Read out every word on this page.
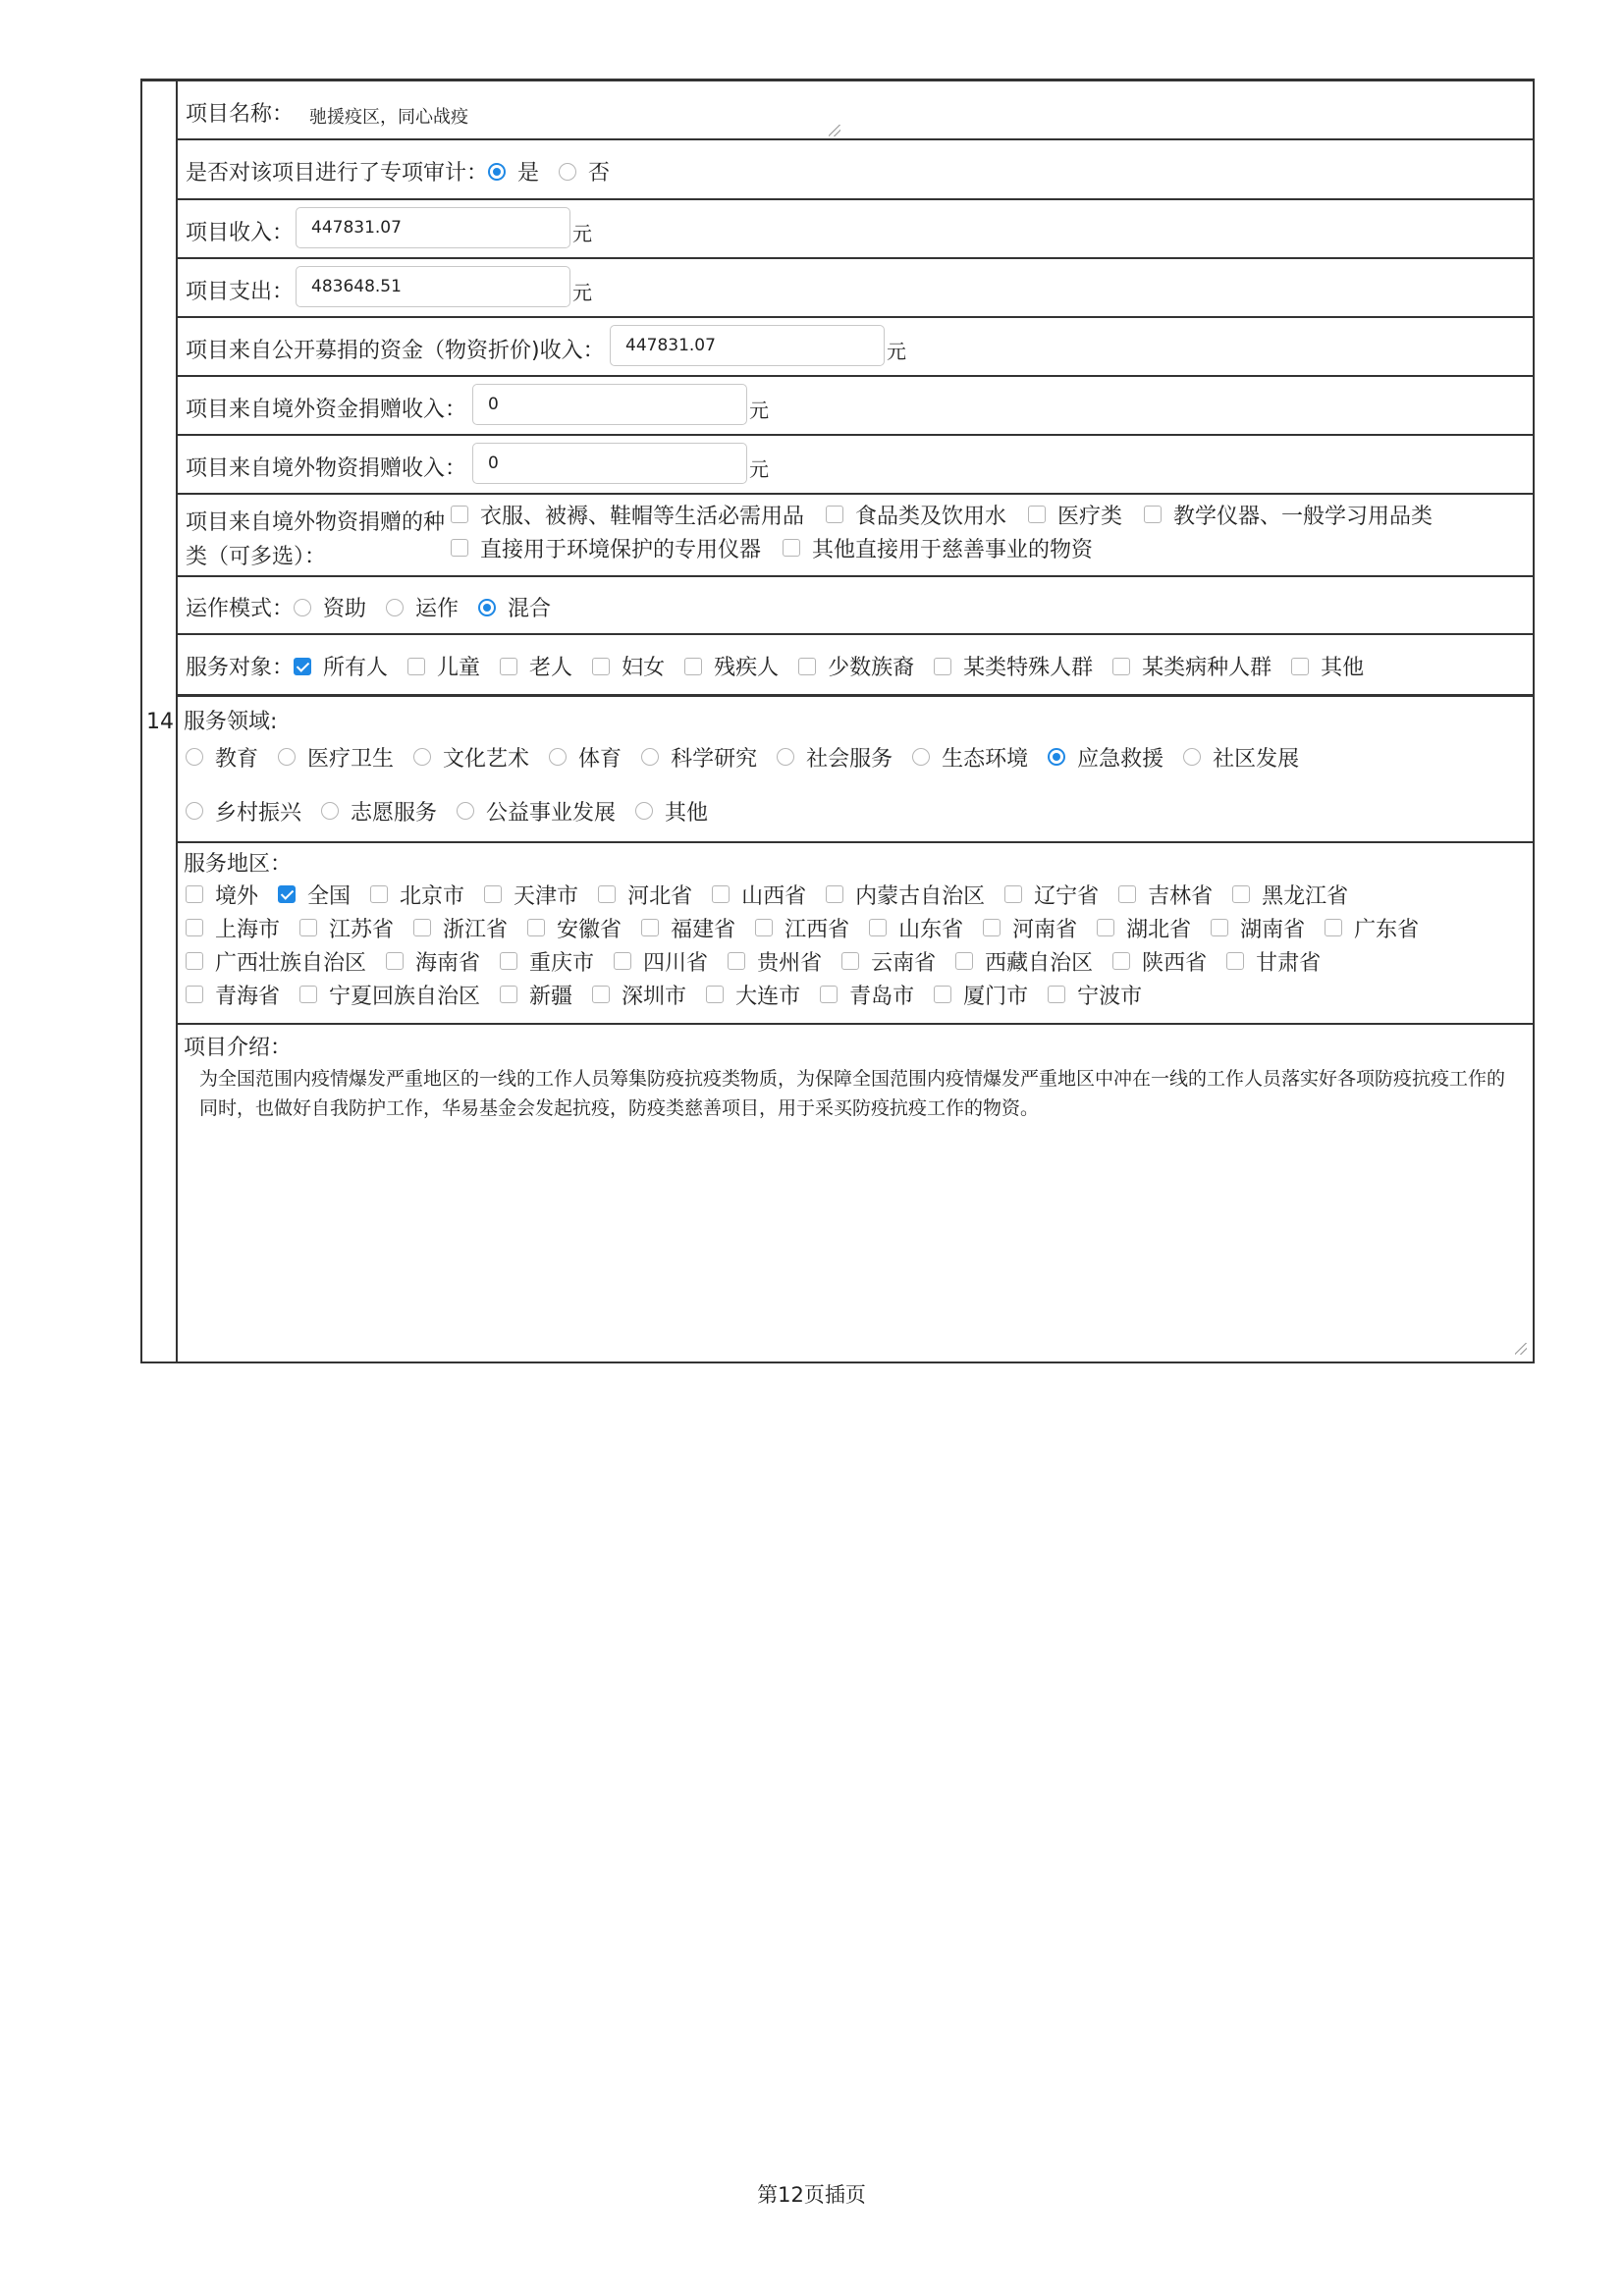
14
项目名称： 驰援疫区，同心战疫
是否对该项目进行了专项审计： 是 否
项目收入：	447831.07	元
项目支出：	483648.51	元
项目来自公开募捐的资金（物资折价)收入：	447831.07	元
项目来自境外资金捐赠收入：	0	元
项目来自境外物资捐赠收入：	0	元
项目来自境外物资捐赠的种
类（可多选）：
衣服、被褥、鞋帽等生活必需用品 食品类及饮用水 医疗类 教学仪器、一般学习用品类
直接用于环境保护的专用仪器 其他直接用于慈善事业的物资
运作模式： 资助 运作 混合
服务对象： 所有人 儿童 老人 妇女 残疾人 少数族裔 某类特殊人群 某类病种人群 其他
服务领域:
教育 医疗卫生 文化艺术 体育 科学研究 社会服务 生态环境 应急救援 社区发展
乡村振兴 志愿服务 公益事业发展 其他
服务地区：
境外 全国 北京市 天津市 河北省 山西省 内蒙古自治区 辽宁省 吉林省 黑龙江省
上海市 江苏省 浙江省 安徽省 福建省 江西省 山东省 河南省 湖北省 湖南省 广东省
广西壮族自治区 海南省 重庆市 四川省 贵州省 云南省 西藏自治区 陕西省 甘肃省
青海省 宁夏回族自治区 新疆 深圳市 大连市 青岛市 厦门市 宁波市
项目介绍：
为全国范围内疫情爆发严重地区的一线的工作人员筹集防疫抗疫类物质，为保障全国范围内疫情爆发严重地区中冲在一线的工作人员落实好各项防疫抗疫工作的同时，也做好自我防护工作，华易基金会发起抗疫，防疫类慈善项目，用于采买防疫抗疫工作的物资。
第12页插页
